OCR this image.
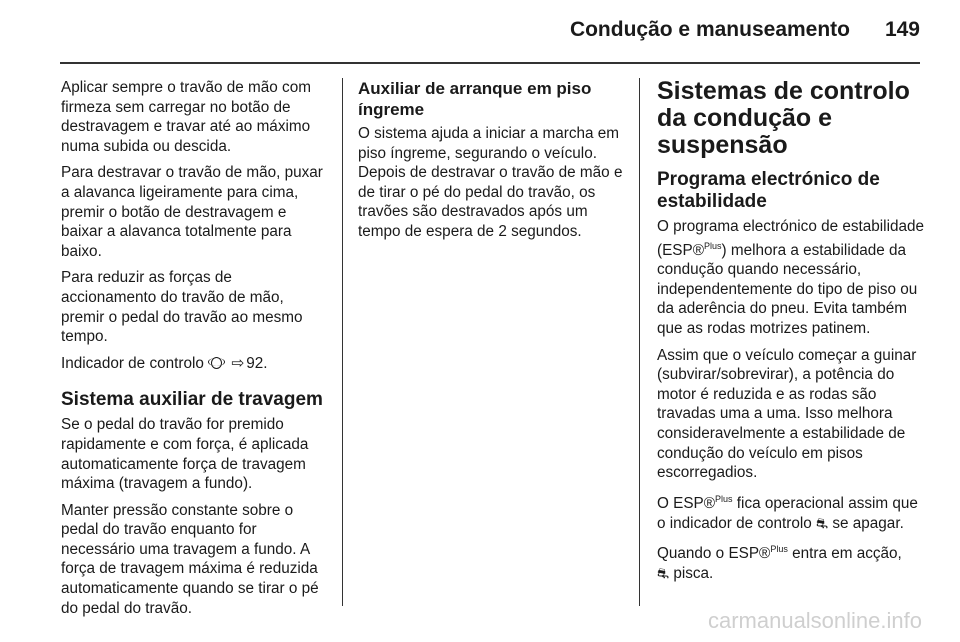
Condução e manuseamento 149

Aplicar sempre o travão de mão com firmeza sem carregar no botão de destravagem e travar até ao máximo numa subida ou descida.

Para destravar o travão de mão, puxar a alavanca ligeiramente para cima, premir o botão de destravagem e baixar a alavanca totalmente para baixo.

Para reduzir as forças de accionamento do travão de mão, premir o pedal do travão ao mesmo tempo.

Indicador de controlo ⇨ 92.

Sistema auxiliar de travagem

Se o pedal do travão for premido rapidamente e com força, é aplicada automaticamente força de travagem máxima (travagem a fundo).

Manter pressão constante sobre o pedal do travão enquanto for necessário uma travagem a fundo. A força de travagem máxima é reduzida automaticamente quando se tirar o pé do pedal do travão.

Auxiliar de arranque em piso íngreme

O sistema ajuda a iniciar a marcha em piso íngreme, segurando o veículo. Depois de destravar o travão de mão e de tirar o pé do pedal do travão, os travões são destravados após um tempo de espera de 2 segundos.

Sistemas de controlo da condução e suspensão
Programa electrónico de estabilidade

O programa electrónico de estabilidade (ESP®$^{Plus}$) melhora a estabilidade da condução quando necessário, independentemente do tipo de piso ou da aderência do pneu. Evita também que as rodas motrizes patinem.

Assim que o veículo começar a guinar (subvirar/sobrevirar), a potência do motor é reduzida e as rodas são travadas uma a uma. Isso melhora consideravelmente a estabilidade de condução do veículo em pisos escorregadios.

O ESP®$^{Plus}$ fica operacional assim que o indicador de controlo ⛐ se apagar.

Quando o ESP®$^{Plus}$ entra em acção,
⛐ pisca.

carmanualsonline.info
